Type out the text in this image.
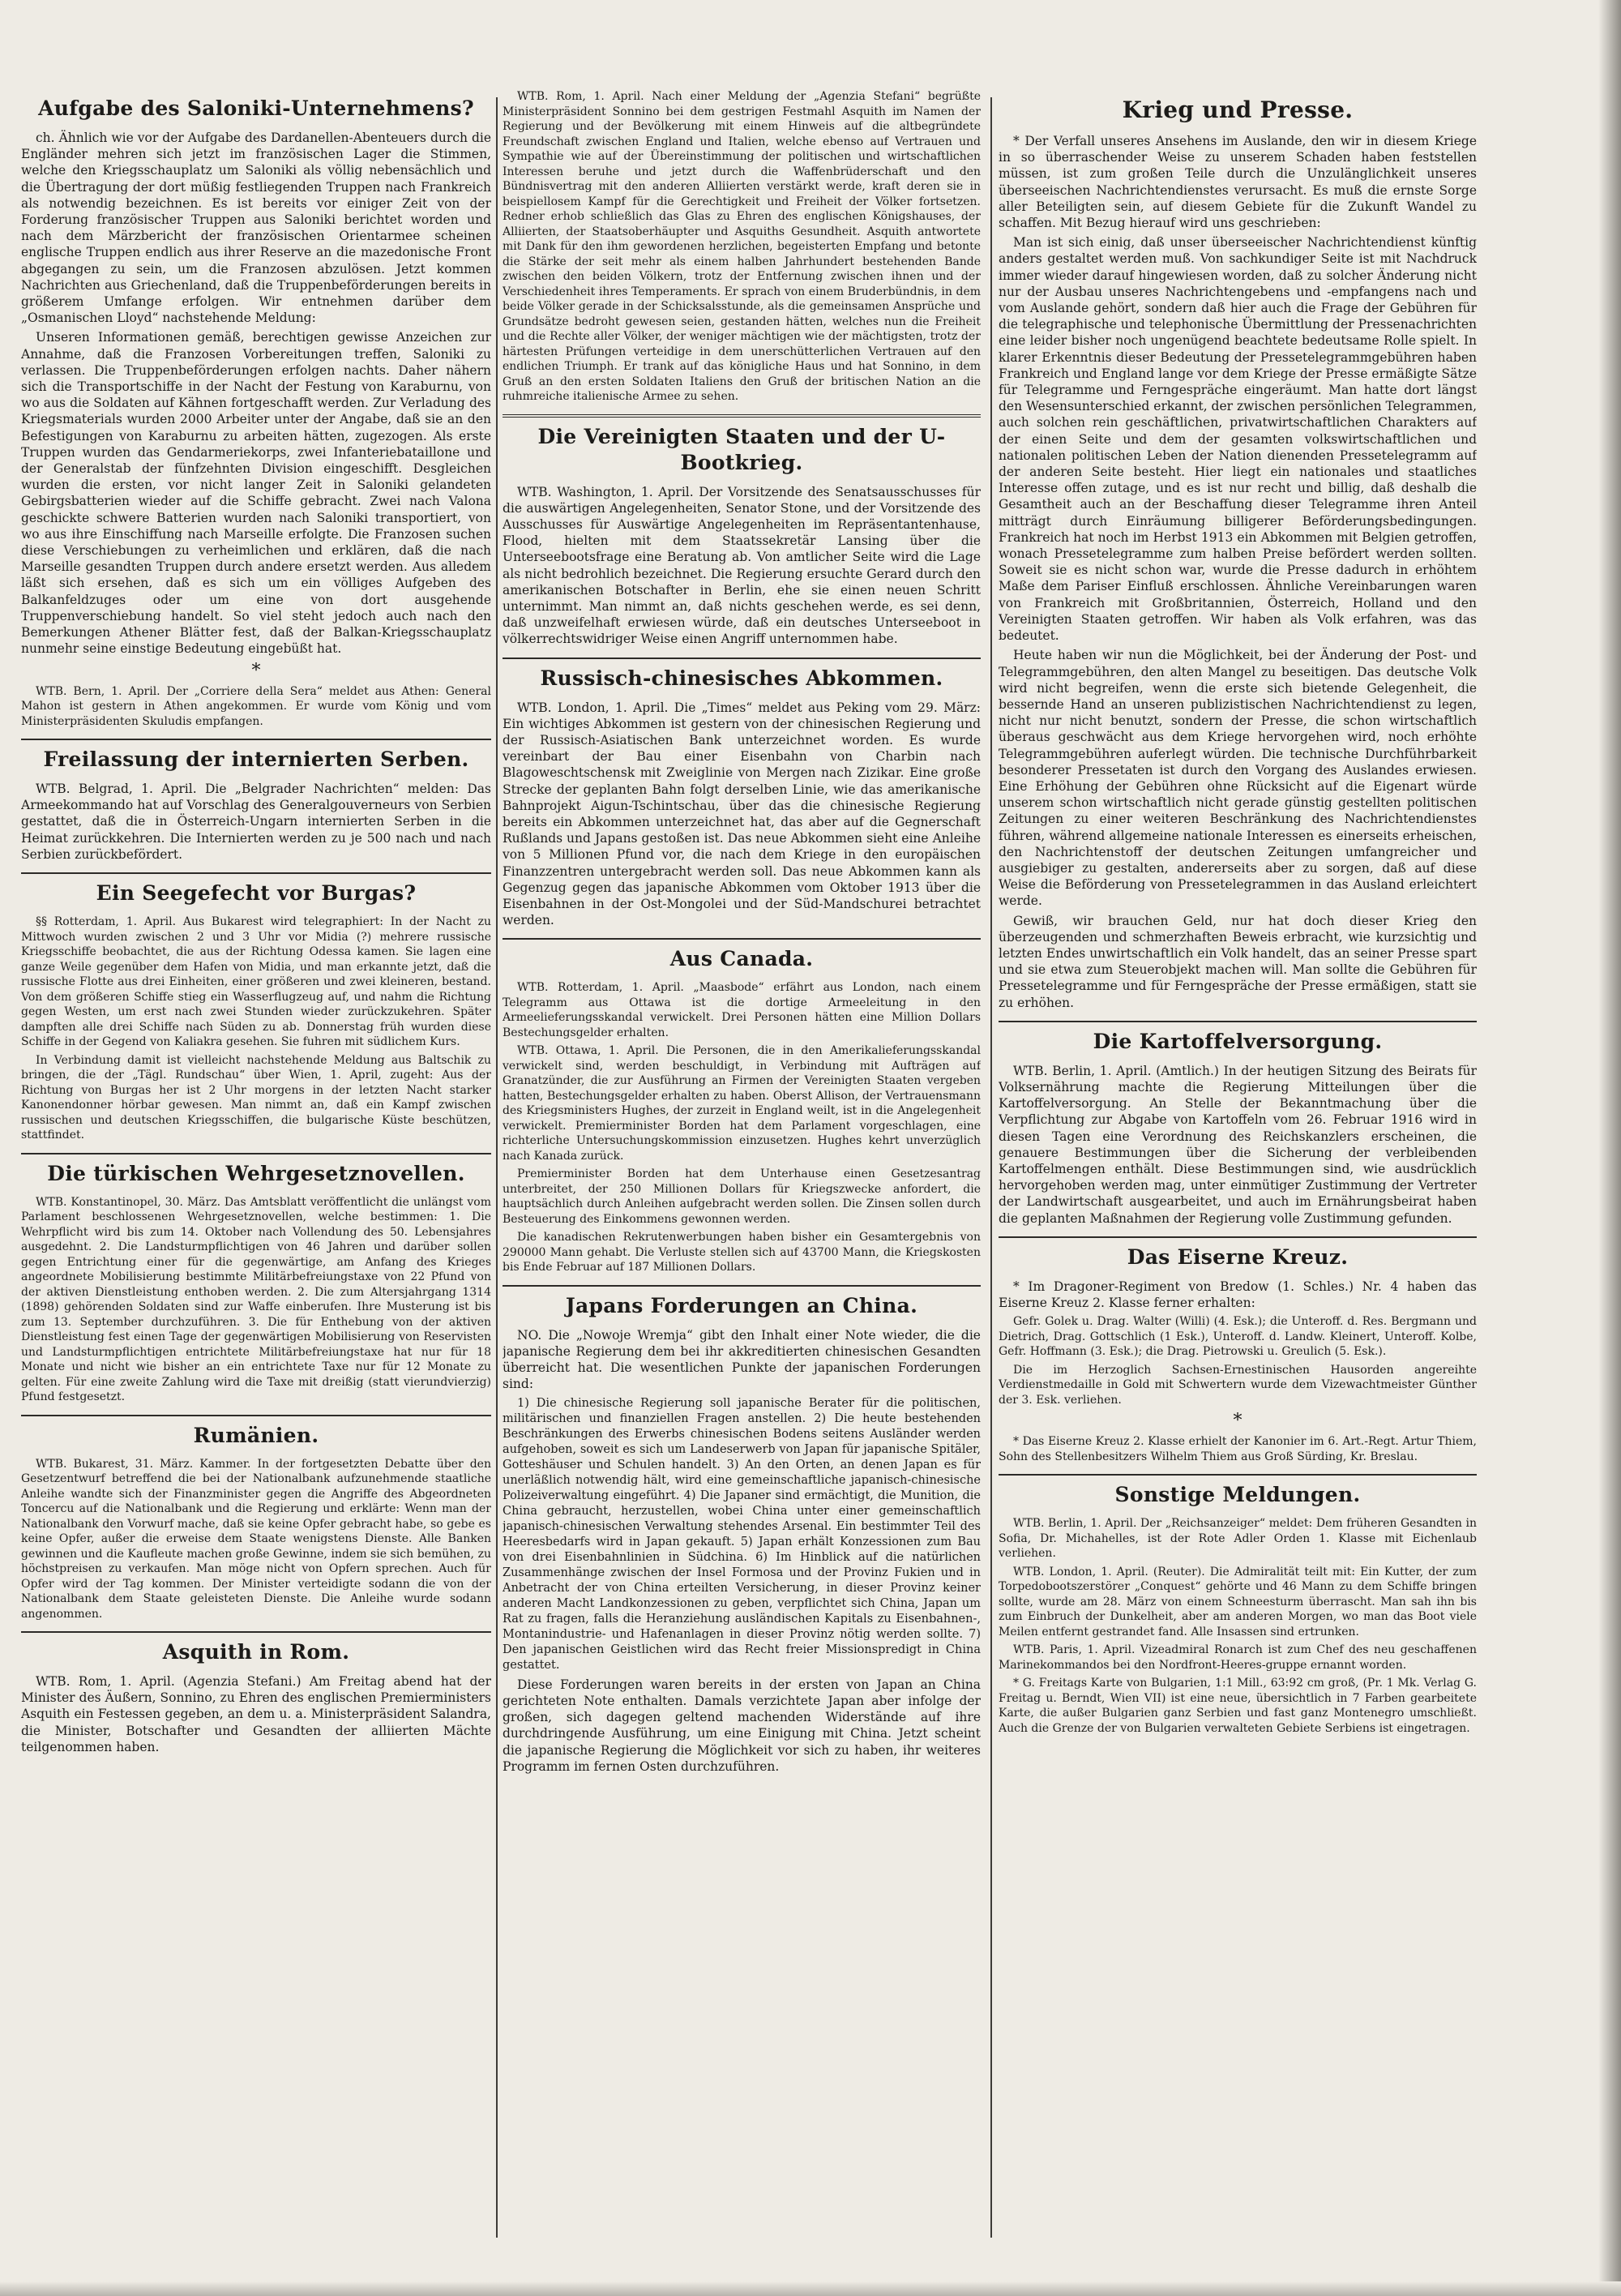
Aufgabe des Saloniki-Unternehmens?

ch. Ähnlich wie vor der Aufgabe des Dardanellen-Abenteuers durch die Engländer mehren sich jetzt im französischen Lager die Stimmen, welche den Kriegsschauplatz um Saloniki als völlig nebensächlich und die Übertragung der dort müßig festliegenden Truppen nach Frankreich als notwendig bezeichnen. Es ist bereits vor einiger Zeit von der Forderung französischer Truppen aus Saloniki berichtet worden und nach dem Märzbericht der französischen Orientarmee scheinen englische Truppen endlich aus ihrer Reserve an die mazedonische Front abgegangen zu sein, um die Franzosen abzulösen. Jetzt kommen Nachrichten aus Griechenland, daß die Truppenbeförderungen bereits in größerem Umfange erfolgen. Wir entnehmen darüber dem „Osmanischen Lloyd“ nachstehende Meldung:

Unseren Informationen gemäß, berechtigen gewisse Anzeichen zur Annahme, daß die Franzosen Vorbereitungen treffen, Saloniki zu verlassen. Die Truppenbeförderungen erfolgen nachts. Daher nähern sich die Transportschiffe in der Nacht der Festung von Karaburnu, von wo aus die Soldaten auf Kähnen fortgeschafft werden. Zur Verladung des Kriegsmaterials wurden 2000 Arbeiter unter der Angabe, daß sie an den Befestigungen von Karaburnu zu arbeiten hätten, zugezogen. Als erste Truppen wurden das Gendarmeriekorps, zwei Infanteriebataillone und der Generalstab der fünfzehnten Division eingeschifft. Desgleichen wurden die ersten, vor nicht langer Zeit in Saloniki gelandeten Gebirgsbatterien wieder auf die Schiffe gebracht. Zwei nach Valona geschickte schwere Batterien wurden nach Saloniki transportiert, von wo aus ihre Einschiffung nach Marseille erfolgte. Die Franzosen suchen diese Verschiebungen zu verheimlichen und erklären, daß die nach Marseille gesandten Truppen durch andere ersetzt werden. Aus alledem läßt sich ersehen, daß es sich um ein völliges Aufgeben des Balkanfeldzuges oder um eine von dort ausgehende Truppenverschiebung handelt. So viel steht jedoch auch nach den Bemerkungen Athener Blätter fest, daß der Balkan-Kriegsschauplatz nunmehr seine einstige Bedeutung eingebüßt hat.

*

WTB. Bern, 1. April. Der „Corriere della Sera“ meldet aus Athen: General Mahon ist gestern in Athen angekommen. Er wurde vom König und vom Ministerpräsidenten Skuludis empfangen.

Freilassung der internierten Serben.

WTB. Belgrad, 1. April. Die „Belgrader Nachrichten“ melden: Das Armeekommando hat auf Vorschlag des Generalgouverneurs von Serbien gestattet, daß die in Österreich-Ungarn internierten Serben in die Heimat zurückkehren. Die Internierten werden zu je 500 nach und nach Serbien zurückbefördert.

Ein Seegefecht vor Burgas?

§§ Rotterdam, 1. April. Aus Bukarest wird telegraphiert: In der Nacht zu Mittwoch wurden zwischen 2 und 3 Uhr vor Midia (?) mehrere russische Kriegsschiffe beobachtet, die aus der Richtung Odessa kamen. Sie lagen eine ganze Weile gegenüber dem Hafen von Midia, und man erkannte jetzt, daß die russische Flotte aus drei Einheiten, einer größeren und zwei kleineren, bestand. Von dem größeren Schiffe stieg ein Wasserflugzeug auf, und nahm die Richtung gegen Westen, um erst nach zwei Stunden wieder zurückzukehren. Später dampften alle drei Schiffe nach Süden zu ab. Donnerstag früh wurden diese Schiffe in der Gegend von Kaliakra gesehen. Sie fuhren mit südlichem Kurs.

In Verbindung damit ist vielleicht nachstehende Meldung aus Baltschik zu bringen, die der „Tägl. Rundschau“ über Wien, 1. April, zugeht: Aus der Richtung von Burgas her ist 2 Uhr morgens in der letzten Nacht starker Kanonendonner hörbar gewesen. Man nimmt an, daß ein Kampf zwischen russischen und deutschen Kriegsschiffen, die bulgarische Küste beschützen, stattfindet.

Die türkischen Wehrgesetznovellen.

WTB. Konstantinopel, 30. März. Das Amtsblatt veröffentlicht die unlängst vom Parlament beschlossenen Wehrgesetznovellen, welche bestimmen: 1. Die Wehrpflicht wird bis zum 14. Oktober nach Vollendung des 50. Lebensjahres ausgedehnt. 2. Die Landsturmpflichtigen von 46 Jahren und darüber sollen gegen Entrichtung einer für die gegenwärtige, am Anfang des Krieges angeordnete Mobilisierung bestimmte Militärbefreiungstaxe von 22 Pfund von der aktiven Dienstleistung enthoben werden. 2. Die zum Altersjahrgang 1314 (1898) gehörenden Soldaten sind zur Waffe einberufen. Ihre Musterung ist bis zum 13. September durchzuführen. 3. Die für Enthebung von der aktiven Dienstleistung fest einen Tage der gegenwärtigen Mobilisierung von Reservisten und Landsturmpflichtigen entrichtete Militärbefreiungstaxe hat nur für 18 Monate und nicht wie bisher an ein entrichtete Taxe nur für 12 Monate zu gelten. Für eine zweite Zahlung wird die Taxe mit dreißig (statt vierundvierzig) Pfund festgesetzt.

Rumänien.

WTB. Bukarest, 31. März. Kammer. In der fortgesetzten Debatte über den Gesetzentwurf betreffend die bei der Nationalbank aufzunehmende staatliche Anleihe wandte sich der Finanzminister gegen die Angriffe des Abgeordneten Toncercu auf die Nationalbank und die Regierung und erklärte: Wenn man der Nationalbank den Vorwurf mache, daß sie keine Opfer gebracht habe, so gebe es keine Opfer, außer die erweise dem Staate wenigstens Dienste. Alle Banken gewinnen und die Kaufleute machen große Gewinne, indem sie sich bemühen, zu höchstpreisen zu verkaufen. Man möge nicht von Opfern sprechen. Auch für Opfer wird der Tag kommen. Der Minister verteidigte sodann die von der Nationalbank dem Staate geleisteten Dienste. Die Anleihe wurde sodann angenommen.

Asquith in Rom.

WTB. Rom, 1. April. (Agenzia Stefani.) Am Freitag abend hat der Minister des Äußern, Sonnino, zu Ehren des englischen Premierministers Asquith ein Festessen gegeben, an dem u. a. Ministerpräsident Salandra, die Minister, Botschafter und Gesandten der alliierten Mächte teilgenommen haben.

WTB. Rom, 1. April. Nach einer Meldung der „Agenzia Stefani“ begrüßte Ministerpräsident Sonnino bei dem gestrigen Festmahl Asquith im Namen der Regierung und der Bevölkerung mit einem Hinweis auf die altbegründete Freundschaft zwischen England und Italien, welche ebenso auf Vertrauen und Sympathie wie auf der Übereinstimmung der politischen und wirtschaftlichen Interessen beruhe und jetzt durch die Waffenbrüderschaft und den Bündnisvertrag mit den anderen Alliierten verstärkt werde, kraft deren sie in beispiellosem Kampf für die Gerechtigkeit und Freiheit der Völker fortsetzen. Redner erhob schließlich das Glas zu Ehren des englischen Königshauses, der Alliierten, der Staatsoberhäupter und Asquiths Gesundheit. Asquith antwortete mit Dank für den ihm gewordenen herzlichen, begeisterten Empfang und betonte die Stärke der seit mehr als einem halben Jahrhundert bestehenden Bande zwischen den beiden Völkern, trotz der Entfernung zwischen ihnen und der Verschiedenheit ihres Temperaments. Er sprach von einem Bruderbündnis, in dem beide Völker gerade in der Schicksalsstunde, als die gemeinsamen Ansprüche und Grundsätze bedroht gewesen seien, gestanden hätten, welches nun die Freiheit und die Rechte aller Völker, der weniger mächtigen wie der mächtigsten, trotz der härtesten Prüfungen verteidige in dem unerschütterlichen Vertrauen auf den endlichen Triumph. Er trank auf das königliche Haus und hat Sonnino, in dem Gruß an den ersten Soldaten Italiens den Gruß der britischen Nation an die ruhmreiche italienische Armee zu sehen.

Die Vereinigten Staaten und der U-Bootkrieg.

WTB. Washington, 1. April. Der Vorsitzende des Senatsausschusses für die auswärtigen Angelegenheiten, Senator Stone, und der Vorsitzende des Ausschusses für Auswärtige Angelegenheiten im Repräsentantenhause, Flood, hielten mit dem Staatssekretär Lansing über die Unterseebootsfrage eine Beratung ab. Von amtlicher Seite wird die Lage als nicht bedrohlich bezeichnet. Die Regierung ersuchte Gerard durch den amerikanischen Botschafter in Berlin, ehe sie einen neuen Schritt unternimmt. Man nimmt an, daß nichts geschehen werde, es sei denn, daß unzweifelhaft erwiesen würde, daß ein deutsches Unterseeboot in völkerrechtswidriger Weise einen Angriff unternommen habe.

Russisch-chinesisches Abkommen.

WTB. London, 1. April. Die „Times“ meldet aus Peking vom 29. März: Ein wichtiges Abkommen ist gestern von der chinesischen Regierung und der Russisch-Asiatischen Bank unterzeichnet worden. Es wurde vereinbart der Bau einer Eisenbahn von Charbin nach Blagoweschtschensk mit Zweiglinie von Mergen nach Zizikar. Eine große Strecke der geplanten Bahn folgt derselben Linie, wie das amerikanische Bahnprojekt Aigun-Tschintschau, über das die chinesische Regierung bereits ein Abkommen unterzeichnet hat, das aber auf die Gegnerschaft Rußlands und Japans gestoßen ist. Das neue Abkommen sieht eine Anleihe von 5 Millionen Pfund vor, die nach dem Kriege in den europäischen Finanzzentren untergebracht werden soll. Das neue Abkommen kann als Gegenzug gegen das japanische Abkommen vom Oktober 1913 über die Eisenbahnen in der Ost-Mongolei und der Süd-Mandschurei betrachtet werden.

Aus Canada.

WTB. Rotterdam, 1. April. „Maasbode“ erfährt aus London, nach einem Telegramm aus Ottawa ist die dortige Armeeleitung in den Armeelieferungsskandal verwickelt. Drei Personen hätten eine Million Dollars Bestechungsgelder erhalten.

WTB. Ottawa, 1. April. Die Personen, die in den Amerikalieferungsskandal verwickelt sind, werden beschuldigt, in Verbindung mit Aufträgen auf Granatzünder, die zur Ausführung an Firmen der Vereinigten Staaten vergeben hatten, Bestechungsgelder erhalten zu haben. Oberst Allison, der Vertrauensmann des Kriegsministers Hughes, der zurzeit in England weilt, ist in die Angelegenheit verwickelt. Premierminister Borden hat dem Parlament vorgeschlagen, eine richterliche Untersuchungskommission einzusetzen. Hughes kehrt unverzüglich nach Kanada zurück.

Premierminister Borden hat dem Unterhause einen Gesetzesantrag unterbreitet, der 250 Millionen Dollars für Kriegszwecke anfordert, die hauptsächlich durch Anleihen aufgebracht werden sollen. Die Zinsen sollen durch Besteuerung des Einkommens gewonnen werden.

Die kanadischen Rekrutenwerbungen haben bisher ein Gesamtergebnis von 290000 Mann gehabt. Die Verluste stellen sich auf 43700 Mann, die Kriegskosten bis Ende Februar auf 187 Millionen Dollars.

Japans Forderungen an China.

NO. Die „Nowoje Wremja“ gibt den Inhalt einer Note wieder, die die japanische Regierung dem bei ihr akkreditierten chinesischen Gesandten überreicht hat. Die wesentlichen Punkte der japanischen Forderungen sind:

1) Die chinesische Regierung soll japanische Berater für die politischen, militärischen und finanziellen Fragen anstellen. 2) Die heute bestehenden Beschränkungen des Erwerbs chinesischen Bodens seitens Ausländer werden aufgehoben, soweit es sich um Landeserwerb von Japan für japanische Spitäler, Gotteshäuser und Schulen handelt. 3) An den Orten, an denen Japan es für unerläßlich notwendig hält, wird eine gemeinschaftliche japanisch-chinesische Polizeiverwaltung eingeführt. 4) Die Japaner sind ermächtigt, die Munition, die China gebraucht, herzustellen, wobei China unter einer gemeinschaftlich japanisch-chinesischen Verwaltung stehendes Arsenal. Ein bestimmter Teil des Heeresbedarfs wird in Japan gekauft. 5) Japan erhält Konzessionen zum Bau von drei Eisenbahnlinien in Südchina. 6) Im Hinblick auf die natürlichen Zusammenhänge zwischen der Insel Formosa und der Provinz Fukien und in Anbetracht der von China erteilten Versicherung, in dieser Provinz keiner anderen Macht Landkonzessionen zu geben, verpflichtet sich China, Japan um Rat zu fragen, falls die Heranziehung ausländischen Kapitals zu Eisenbahnen-, Montanindustrie- und Hafenanlagen in dieser Provinz nötig werden sollte. 7) Den japanischen Geistlichen wird das Recht freier Missionspredigt in China gestattet.

Diese Forderungen waren bereits in der ersten von Japan an China gerichteten Note enthalten. Damals verzichtete Japan aber infolge der großen, sich dagegen geltend machenden Widerstände auf ihre durchdringende Ausführung, um eine Einigung mit China. Jetzt scheint die japanische Regierung die Möglichkeit vor sich zu haben, ihr weiteres Programm im fernen Osten durchzuführen.

Krieg und Presse.

* Der Verfall unseres Ansehens im Auslande, den wir in diesem Kriege in so überraschender Weise zu unserem Schaden haben feststellen müssen, ist zum großen Teile durch die Unzulänglichkeit unseres überseeischen Nachrichtendienstes verursacht. Es muß die ernste Sorge aller Beteiligten sein, auf diesem Gebiete für die Zukunft Wandel zu schaffen. Mit Bezug hierauf wird uns geschrieben:

Man ist sich einig, daß unser überseeischer Nachrichtendienst künftig anders gestaltet werden muß. Von sachkundiger Seite ist mit Nachdruck immer wieder darauf hingewiesen worden, daß zu solcher Änderung nicht nur der Ausbau unseres Nachrichtengebens und -empfangens nach und vom Auslande gehört, sondern daß hier auch die Frage der Gebühren für die telegraphische und telephonische Übermittlung der Pressenachrichten eine leider bisher noch ungenügend beachtete bedeutsame Rolle spielt. In klarer Erkenntnis dieser Bedeutung der Pressetelegrammgebühren haben Frankreich und England lange vor dem Kriege der Presse ermäßigte Sätze für Telegramme und Ferngespräche eingeräumt. Man hatte dort längst den Wesensunterschied erkannt, der zwischen persönlichen Telegrammen, auch solchen rein geschäftlichen, privatwirtschaftlichen Charakters auf der einen Seite und dem der gesamten volkswirtschaftlichen und nationalen politischen Leben der Nation dienenden Pressetelegramm auf der anderen Seite besteht. Hier liegt ein nationales und staatliches Interesse offen zutage, und es ist nur recht und billig, daß deshalb die Gesamtheit auch an der Beschaffung dieser Telegramme ihren Anteil mitträgt durch Einräumung billigerer Beförderungsbedingungen. Frankreich hat noch im Herbst 1913 ein Abkommen mit Belgien getroffen, wonach Pressetelegramme zum halben Preise befördert werden sollten. Soweit sie es nicht schon war, wurde die Presse dadurch in erhöhtem Maße dem Pariser Einfluß erschlossen. Ähnliche Vereinbarungen waren von Frankreich mit Großbritannien, Österreich, Holland und den Vereinigten Staaten getroffen. Wir haben als Volk erfahren, was das bedeutet.

Heute haben wir nun die Möglichkeit, bei der Änderung der Post- und Telegrammgebühren, den alten Mangel zu beseitigen. Das deutsche Volk wird nicht begreifen, wenn die erste sich bietende Gelegenheit, die bessernde Hand an unseren publizistischen Nachrichtendienst zu legen, nicht nur nicht benutzt, sondern der Presse, die schon wirtschaftlich überaus geschwächt aus dem Kriege hervorgehen wird, noch erhöhte Telegrammgebühren auferlegt würden. Die technische Durchführbarkeit besonderer Pressetaten ist durch den Vorgang des Auslandes erwiesen. Eine Erhöhung der Gebühren ohne Rücksicht auf die Eigenart würde unserem schon wirtschaftlich nicht gerade günstig gestellten politischen Zeitungen zu einer weiteren Beschränkung des Nachrichtendienstes führen, während allgemeine nationale Interessen es einerseits erheischen, den Nachrichtenstoff der deutschen Zeitungen umfangreicher und ausgiebiger zu gestalten, andererseits aber zu sorgen, daß auf diese Weise die Beförderung von Pressetelegrammen in das Ausland erleichtert werde.

Gewiß, wir brauchen Geld, nur hat doch dieser Krieg den überzeugenden und schmerzhaften Beweis erbracht, wie kurzsichtig und letzten Endes unwirtschaftlich ein Volk handelt, das an seiner Presse spart und sie etwa zum Steuerobjekt machen will. Man sollte die Gebühren für Pressetelegramme und für Ferngespräche der Presse ermäßigen, statt sie zu erhöhen.

Die Kartoffelversorgung.

WTB. Berlin, 1. April. (Amtlich.) In der heutigen Sitzung des Beirats für Volksernährung machte die Regierung Mitteilungen über die Kartoffelversorgung. An Stelle der Bekanntmachung über die Verpflichtung zur Abgabe von Kartoffeln vom 26. Februar 1916 wird in diesen Tagen eine Verordnung des Reichskanzlers erscheinen, die genauere Bestimmungen über die Sicherung der verbleibenden Kartoffelmengen enthält. Diese Bestimmungen sind, wie ausdrücklich hervorgehoben werden mag, unter einmütiger Zustimmung der Vertreter der Landwirtschaft ausgearbeitet, und auch im Ernährungsbeirat haben die geplanten Maßnahmen der Regierung volle Zustimmung gefunden.

Das Eiserne Kreuz.

* Im Dragoner-Regiment von Bredow (1. Schles.) Nr. 4 haben das Eiserne Kreuz 2. Klasse ferner erhalten:

Gefr. Golek u. Drag. Walter (Willi) (4. Esk.); die Unteroff. d. Res. Bergmann und Dietrich, Drag. Gottschlich (1 Esk.), Unteroff. d. Landw. Kleinert, Unteroff. Kolbe, Gefr. Hoffmann (3. Esk.); die Drag. Pietrowski u. Greulich (5. Esk.).

Die im Herzoglich Sachsen-Ernestinischen Hausorden angereihte Verdienstmedaille in Gold mit Schwertern wurde dem Vizewachtmeister Günther der 3. Esk. verliehen.

*

* Das Eiserne Kreuz 2. Klasse erhielt der Kanonier im 6. Art.-Regt. Artur Thiem, Sohn des Stellenbesitzers Wilhelm Thiem aus Groß Sürding, Kr. Breslau.

Sonstige Meldungen.

WTB. Berlin, 1. April. Der „Reichsanzeiger“ meldet: Dem früheren Gesandten in Sofia, Dr. Michahelles, ist der Rote Adler Orden 1. Klasse mit Eichenlaub verliehen.

WTB. London, 1. April. (Reuter). Die Admiralität teilt mit: Ein Kutter, der zum Torpedobootszerstörer „Conquest“ gehörte und 46 Mann zu dem Schiffe bringen sollte, wurde am 28. März von einem Schneesturm überrascht. Man sah ihn bis zum Einbruch der Dunkelheit, aber am anderen Morgen, wo man das Boot viele Meilen entfernt gestrandet fand. Alle Insassen sind ertrunken.

WTB. Paris, 1. April. Vizeadmiral Ronarch ist zum Chef des neu geschaffenen Marinekommandos bei den Nordfront-Heeres-gruppe ernannt worden.

* G. Freitags Karte von Bulgarien, 1:1 Mill., 63:92 cm groß, (Pr. 1 Mk. Verlag G. Freitag u. Berndt, Wien VII) ist eine neue, übersichtlich in 7 Farben gearbeitete Karte, die außer Bulgarien ganz Serbien und fast ganz Montenegro umschließt. Auch die Grenze der von Bulgarien verwalteten Gebiete Serbiens ist eingetragen.
